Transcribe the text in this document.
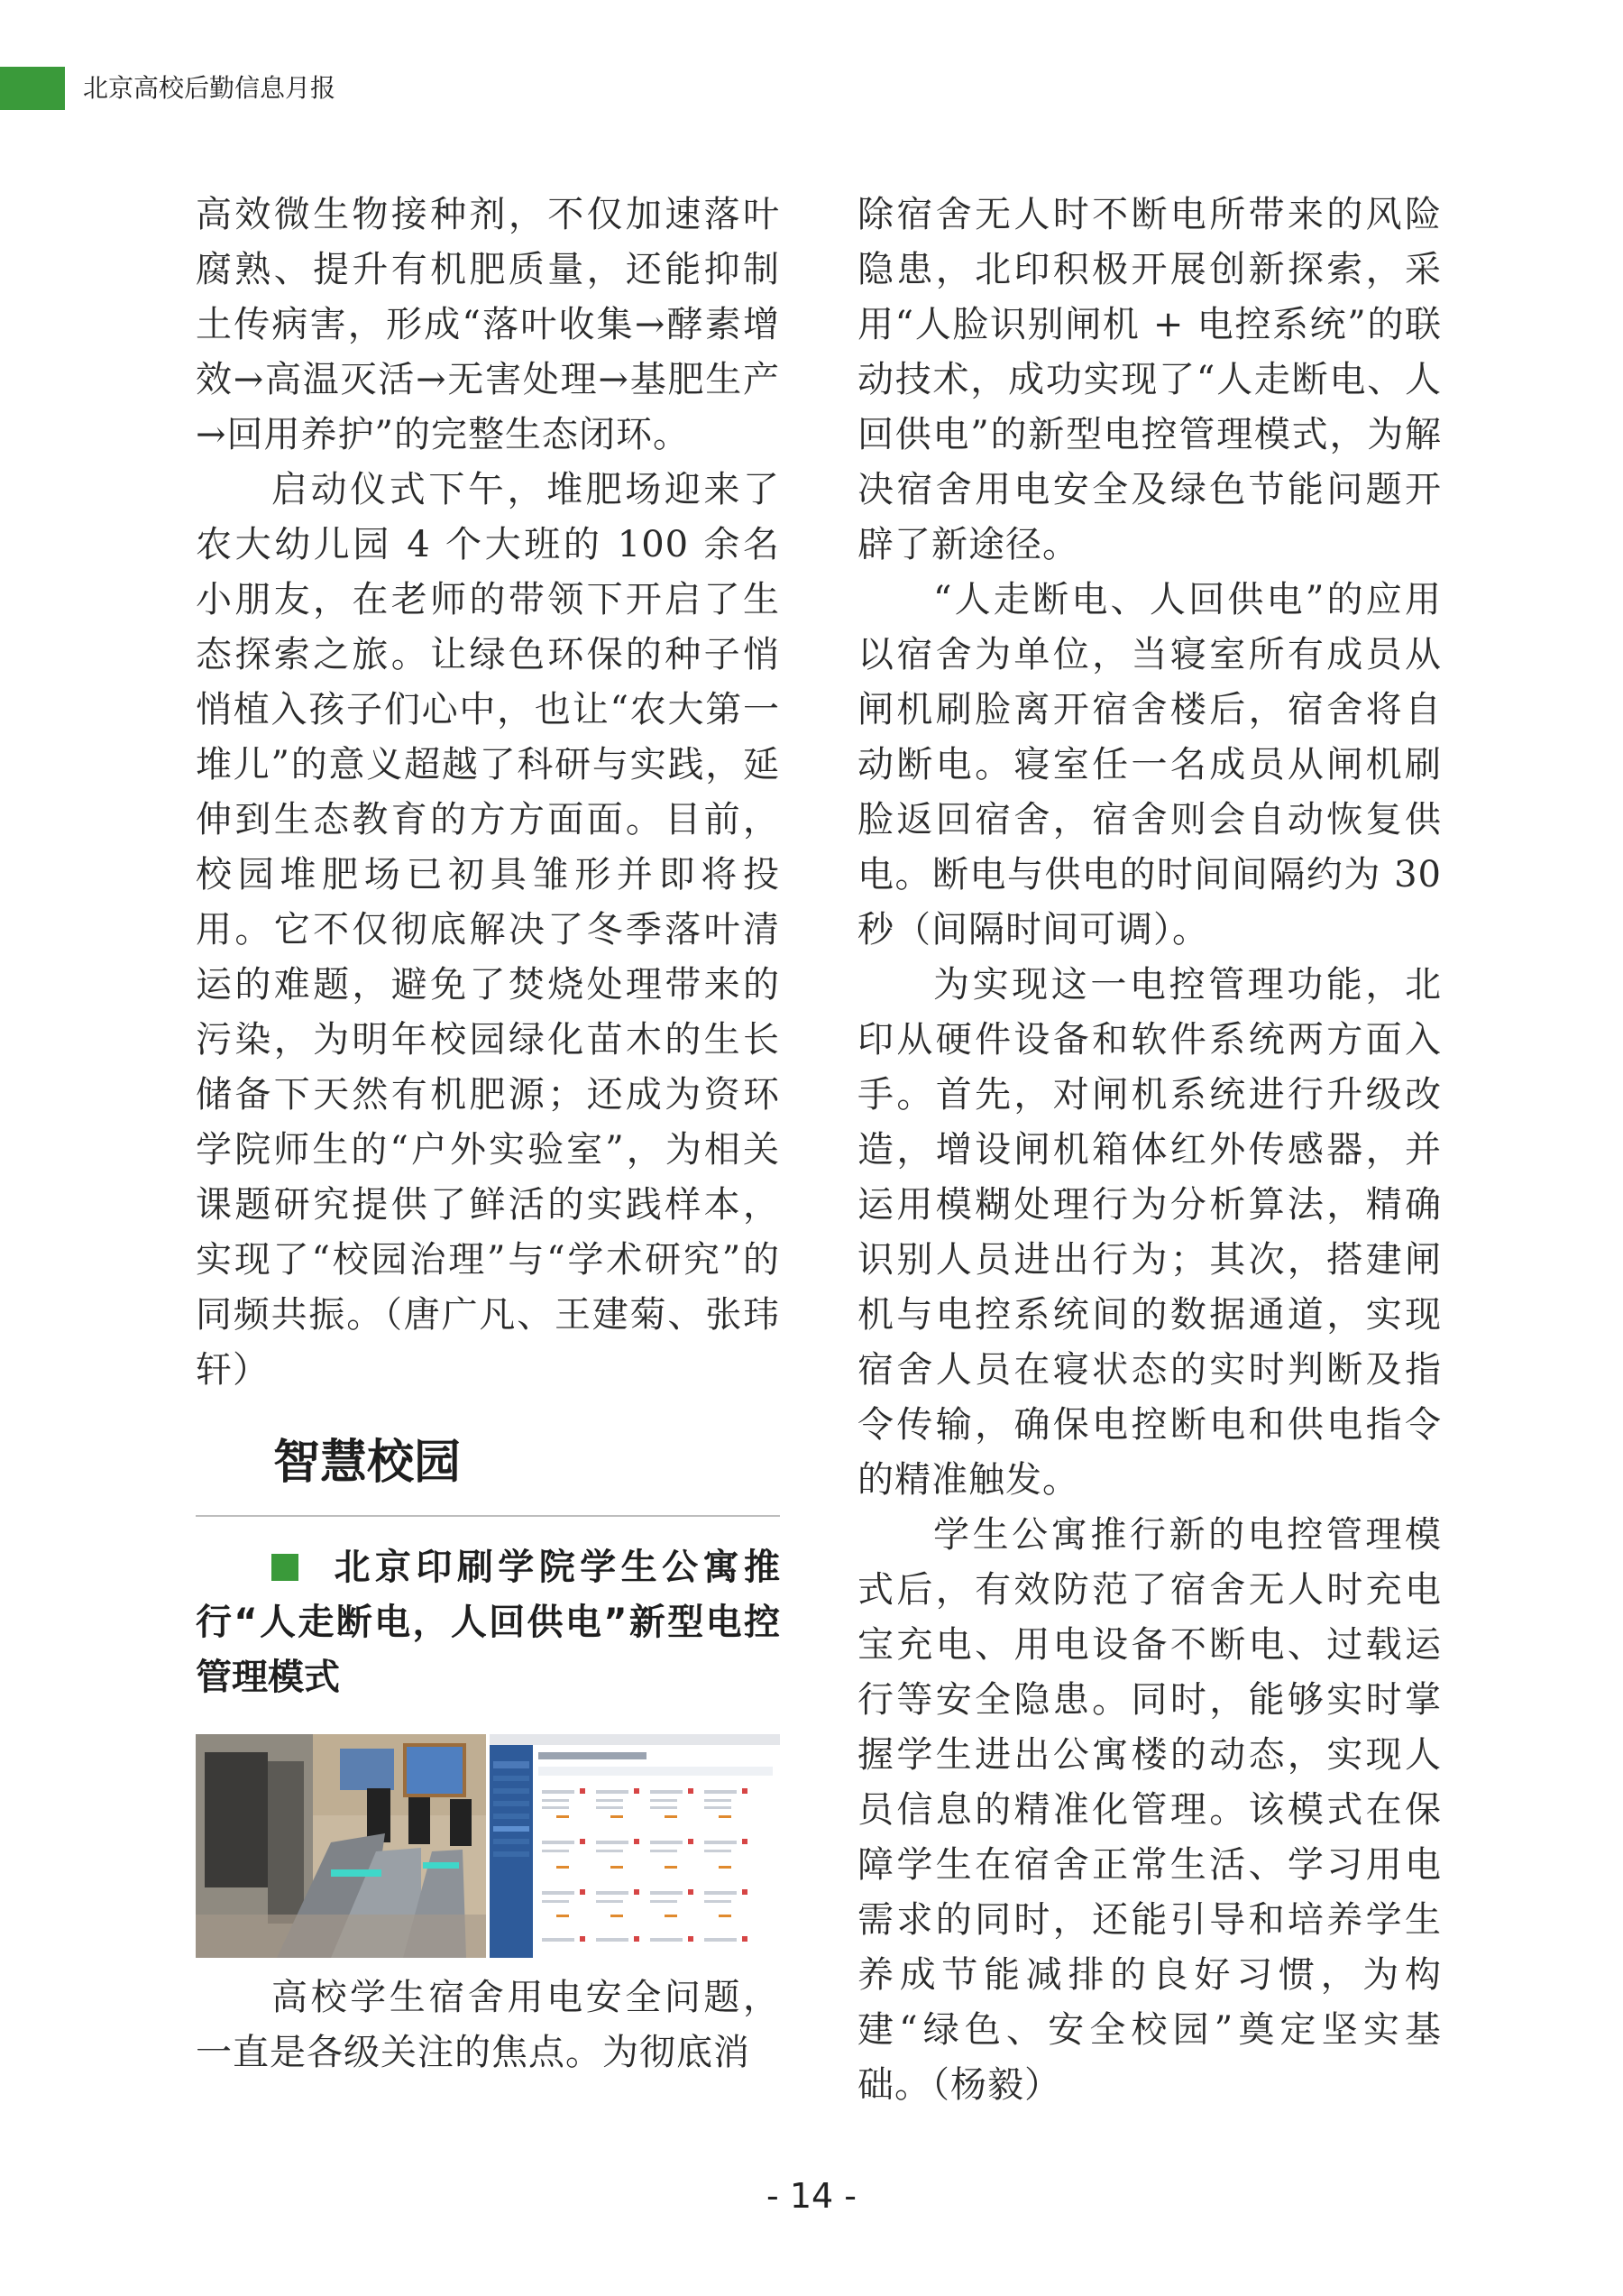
北京高校后勤信息月报

高效微生物接种剂，不仅加速落叶腐熟、提升有机肥质量，还能抑制土传病害，形成“落叶收集→酵素增效→高温灭活→无害处理→基肥生产→回用养护”的完整生态闭环。

启动仪式下午，堆肥场迎来了农大幼儿园 4 个大班的 100 余名小朋友，在老师的带领下开启了生态探索之旅。让绿色环保的种子悄悄植入孩子们心中，也让“农大第一堆儿”的意义超越了科研与实践，延伸到生态教育的方方面面。目前，校园堆肥场已初具雏形并即将投用。它不仅彻底解决了冬季落叶清运的难题，避免了焚烧处理带来的污染，为明年校园绿化苗木的生长储备下天然有机肥源；还成为资环学院师生的“户外实验室”，为相关课题研究提供了鲜活的实践样本，实现了“校园治理”与“学术研究”的同频共振。（唐广凡、王建菊、张玮轩）

智慧校园
北京印刷学院学生公寓推行“人走断电，人回供电”新型电控管理模式

高校学生宿舍用电安全问题，一直是各级关注的焦点。为彻底消

除宿舍无人时不断电所带来的风险隐患，北印积极开展创新探索，采用“人脸识别闸机 + 电控系统”的联动技术，成功实现了“人走断电、人回供电”的新型电控管理模式，为解决宿舍用电安全及绿色节能问题开辟了新途径。

“人走断电、人回供电”的应用以宿舍为单位，当寝室所有成员从闸机刷脸离开宿舍楼后，宿舍将自动断电。寝室任一名成员从闸机刷脸返回宿舍，宿舍则会自动恢复供电。断电与供电的时间间隔约为 30 秒（间隔时间可调）。

为实现这一电控管理功能，北印从硬件设备和软件系统两方面入手。首先，对闸机系统进行升级改造，增设闸机箱体红外传感器，并运用模糊处理行为分析算法，精确识别人员进出行为；其次，搭建闸机与电控系统间的数据通道，实现宿舍人员在寝状态的实时判断及指令传输，确保电控断电和供电指令的精准触发。

学生公寓推行新的电控管理模式后，有效防范了宿舍无人时充电宝充电、用电设备不断电、过载运行等安全隐患。同时，能够实时掌握学生进出公寓楼的动态，实现人员信息的精准化管理。该模式在保障学生在宿舍正常生活、学习用电需求的同时，还能引导和培养学生养成节能减排的良好习惯，为构建“绿色、安全校园”奠定坚实基础。（杨毅）

- 14 -
